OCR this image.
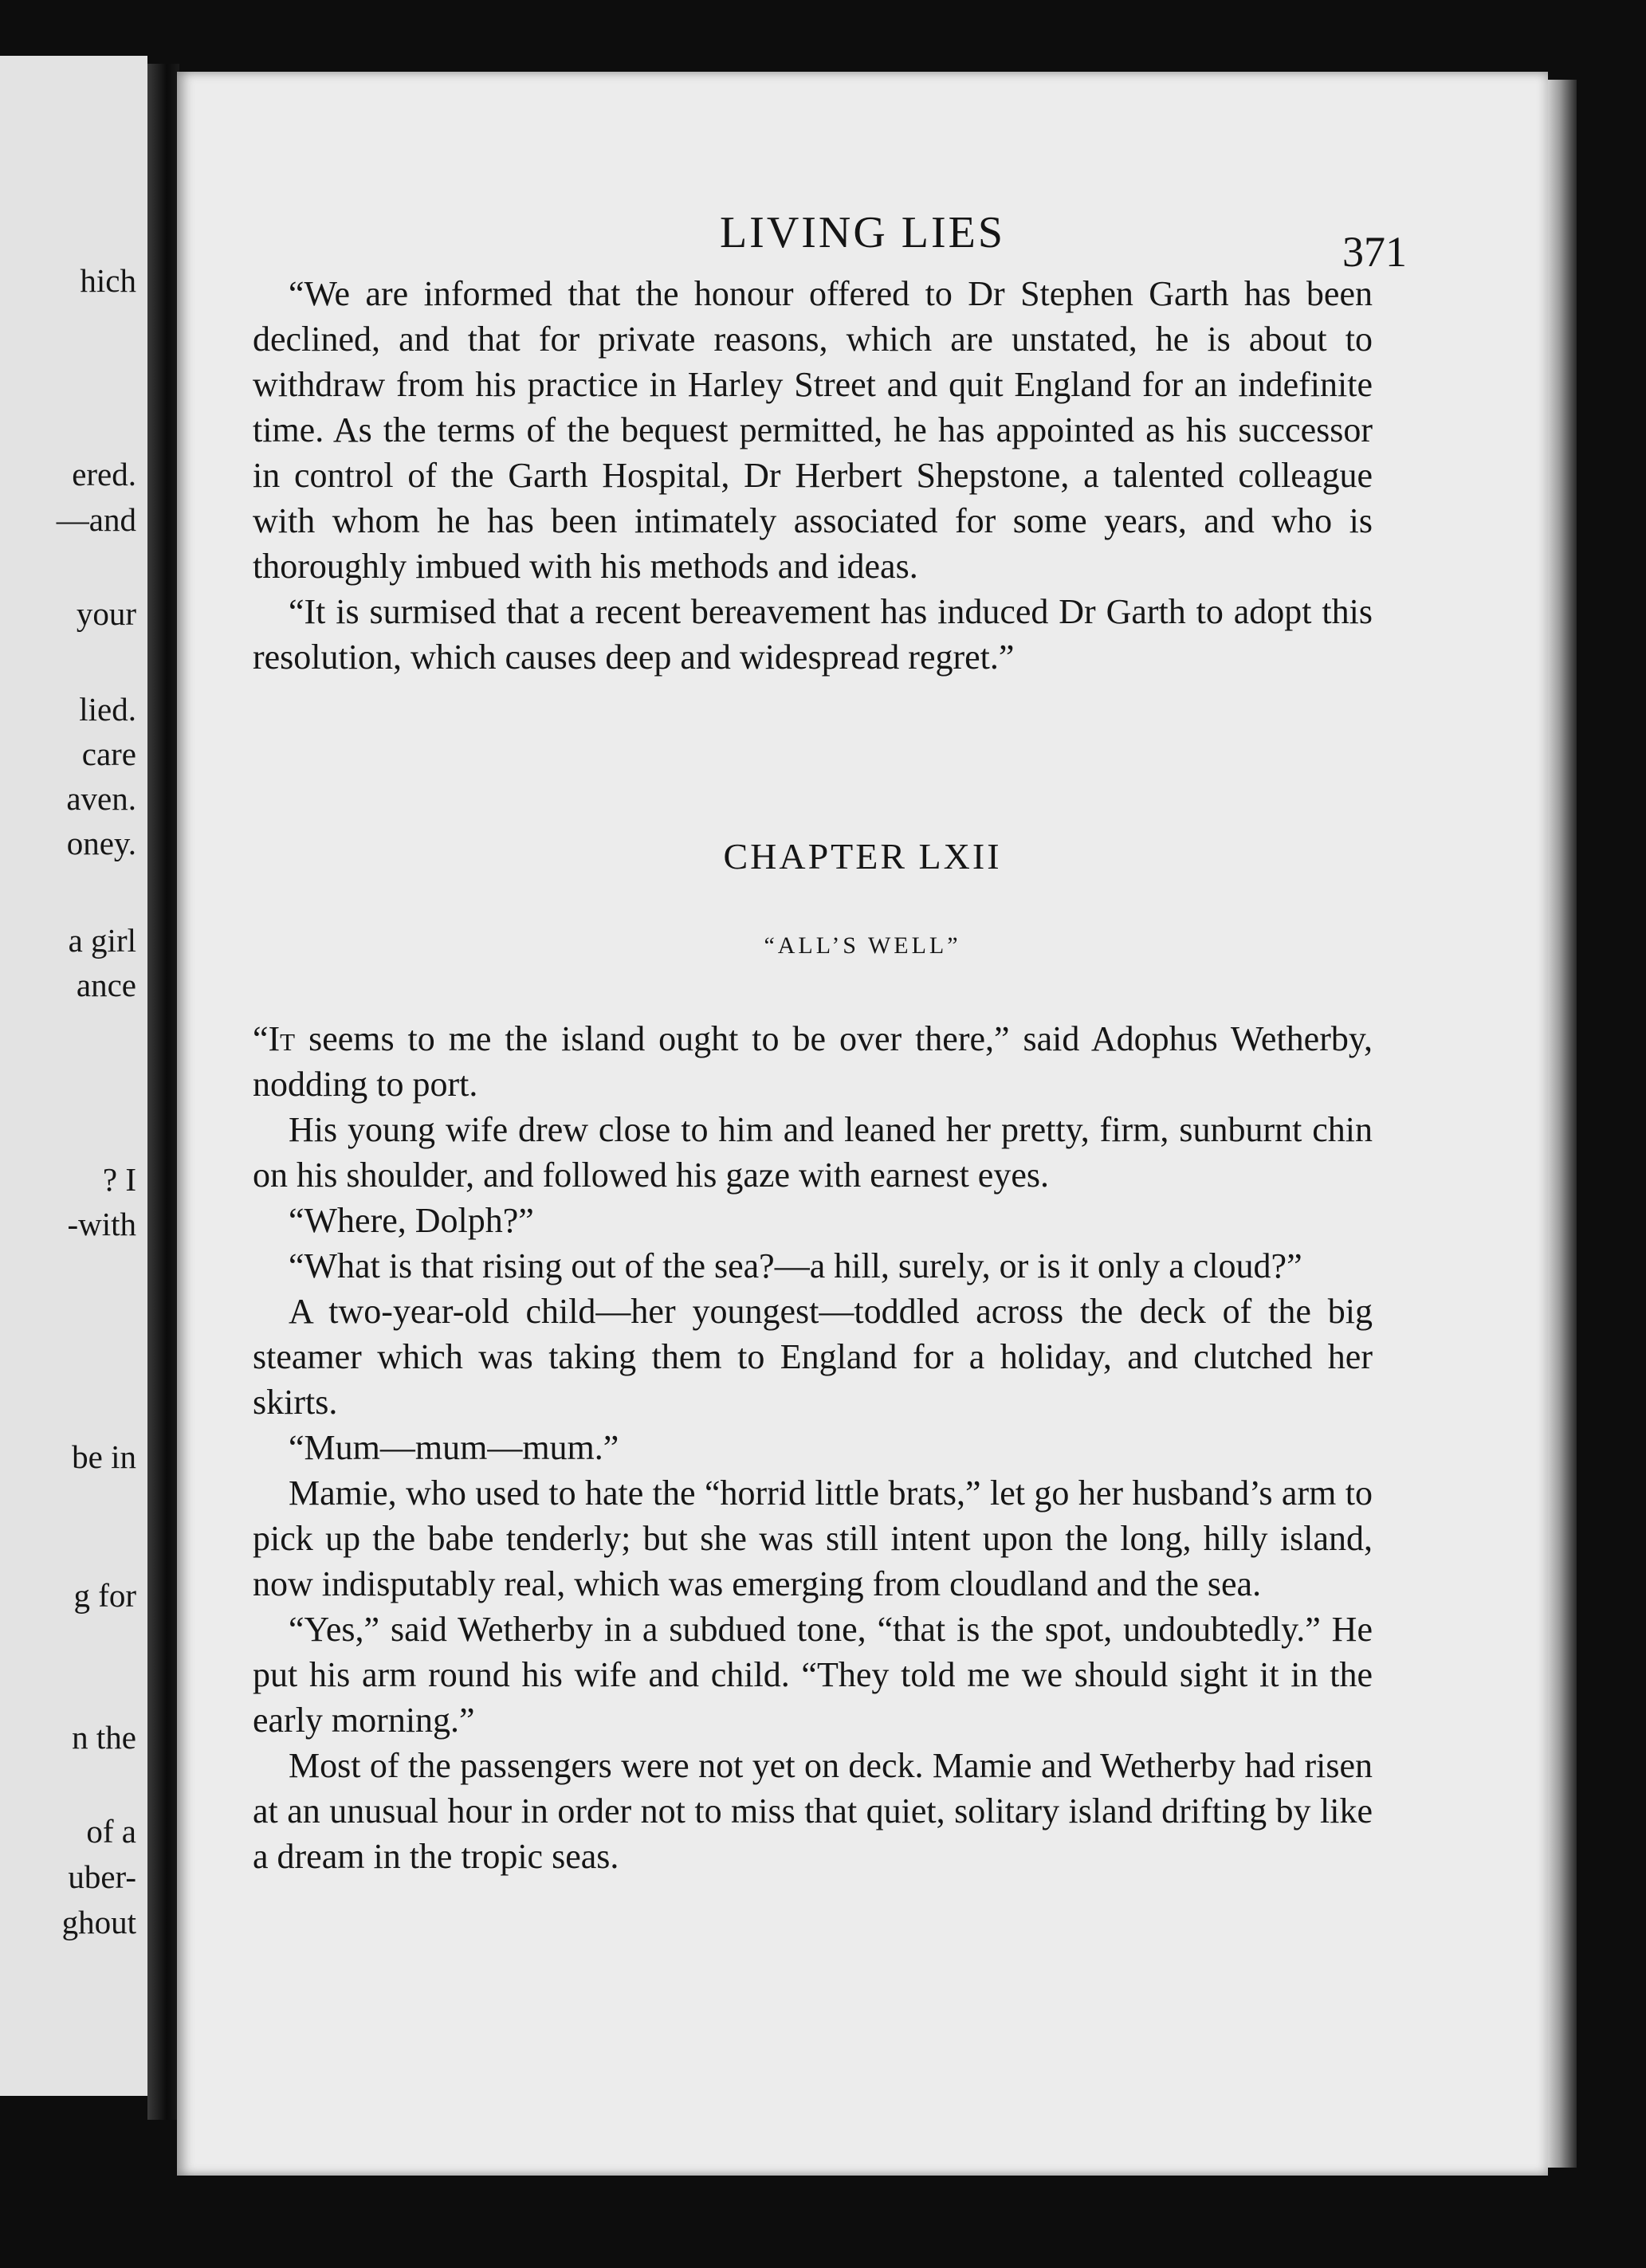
hich
ered.
—and
your
lied.
care
aven.
oney.
a girl
ance
? I
-with
be in
g for
n the
of a
uber-
ghout
LIVING LIES	371

“We are informed that the honour offered to Dr Stephen Garth has been declined, and that for private reasons, which are unstated, he is about to withdraw from his practice in Harley Street and quit England for an indefinite time. As the terms of the bequest permitted, he has appointed as his successor in control of the Garth Hospital, Dr Herbert Shepstone, a talented colleague with whom he has been intimately associated for some years, and who is thoroughly imbued with his methods and ideas.

“It is surmised that a recent bereavement has induced Dr Garth to adopt this resolution, which causes deep and widespread regret.”

CHAPTER LXII
“ALL’S WELL”

“It seems to me the island ought to be over there,” said Adophus Wetherby, nodding to port.

His young wife drew close to him and leaned her pretty, firm, sunburnt chin on his shoulder, and followed his gaze with earnest eyes.

“Where, Dolph?”

“What is that rising out of the sea?—a hill, surely, or is it only a cloud?”

A two-year-old child—her youngest—toddled across the deck of the big steamer which was taking them to England for a holiday, and clutched her skirts.

“Mum—mum—mum.”

Mamie, who used to hate the “horrid little brats,” let go her husband’s arm to pick up the babe tenderly; but she was still intent upon the long, hilly island, now indisputably real, which was emerging from cloudland and the sea.

“Yes,” said Wetherby in a subdued tone, “that is the spot, undoubtedly.” He put his arm round his wife and child. “They told me we should sight it in the early morning.”

Most of the passengers were not yet on deck. Mamie and Wetherby had risen at an unusual hour in order not to miss that quiet, solitary island drifting by like a dream in the tropic seas.
